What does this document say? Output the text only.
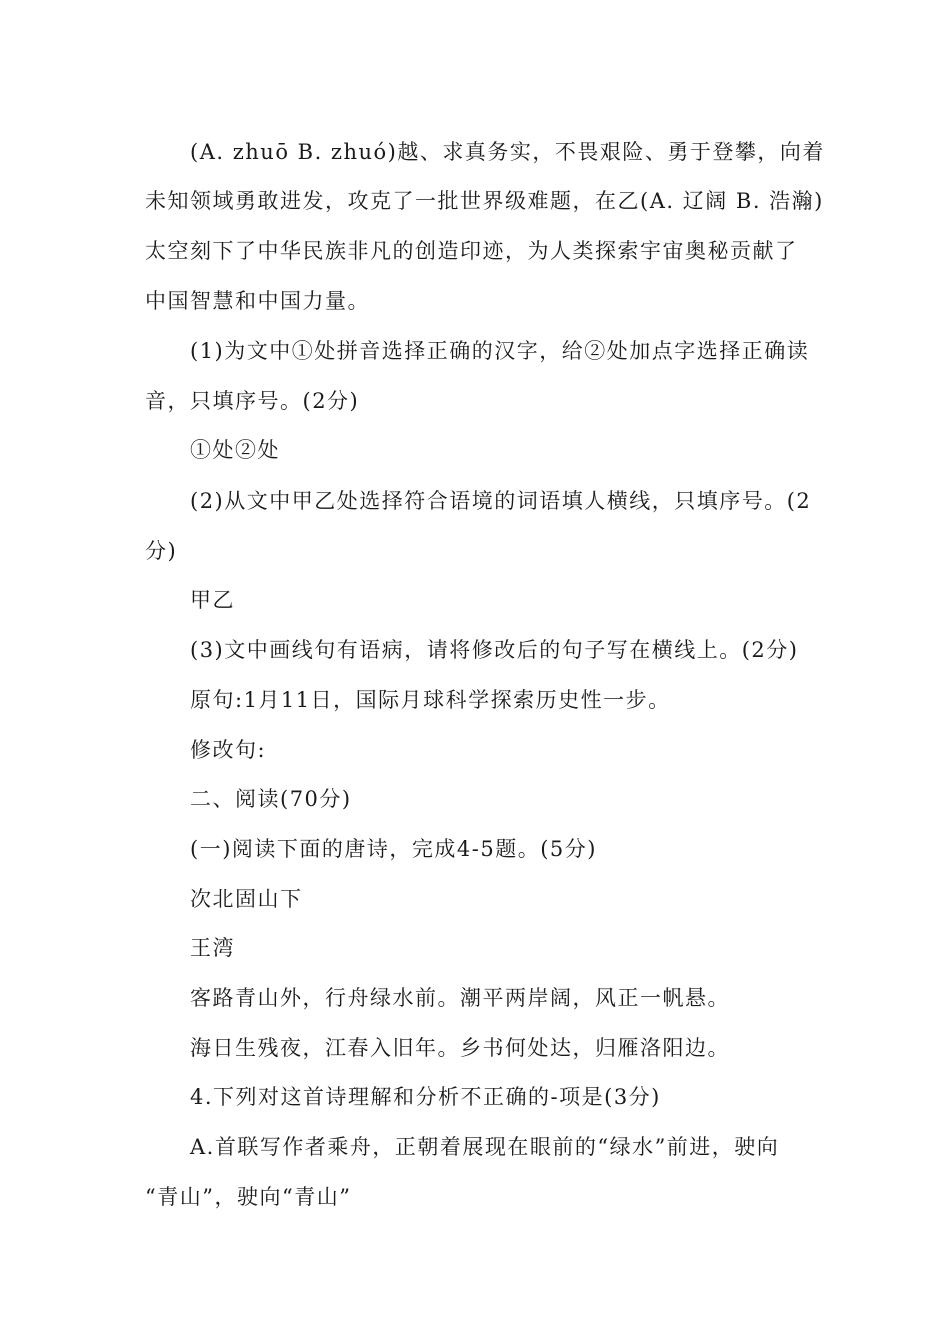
(A. zhuō B. zhuó)越、求真务实，不畏艰险、勇于登攀，向着
未知领域勇敢进发，攻克了一批世界级难题，在乙(A. 辽阔 B. 浩瀚)
太空刻下了中华民族非凡的创造印迹，为人类探索宇宙奥秘贡献了
中国智慧和中国力量。
(1)为文中①处拼音选择正确的汉字，给②处加点字选择正确读
音，只填序号。(2分)
①处②处
(2)从文中甲乙处选择符合语境的词语填人横线，只填序号。(2
分)
甲乙
(3)文中画线句有语病，请将修改后的句子写在横线上。(2分)
原句:1月11日，国际月球科学探索历史性一步。
修改句:
二、阅读(70分)
(一)阅读下面的唐诗，完成4-5题。(5分)
次北固山下
王湾
客路青山外，行舟绿水前。潮平两岸阔，风正一帆悬。
海日生残夜，江春入旧年。乡书何处达，归雁洛阳边。
4.下列对这首诗理解和分析不正确的-项是(3分)
A.首联写作者乘舟，正朝着展现在眼前的“绿水”前进，驶向
“青山”，驶向“青山”
